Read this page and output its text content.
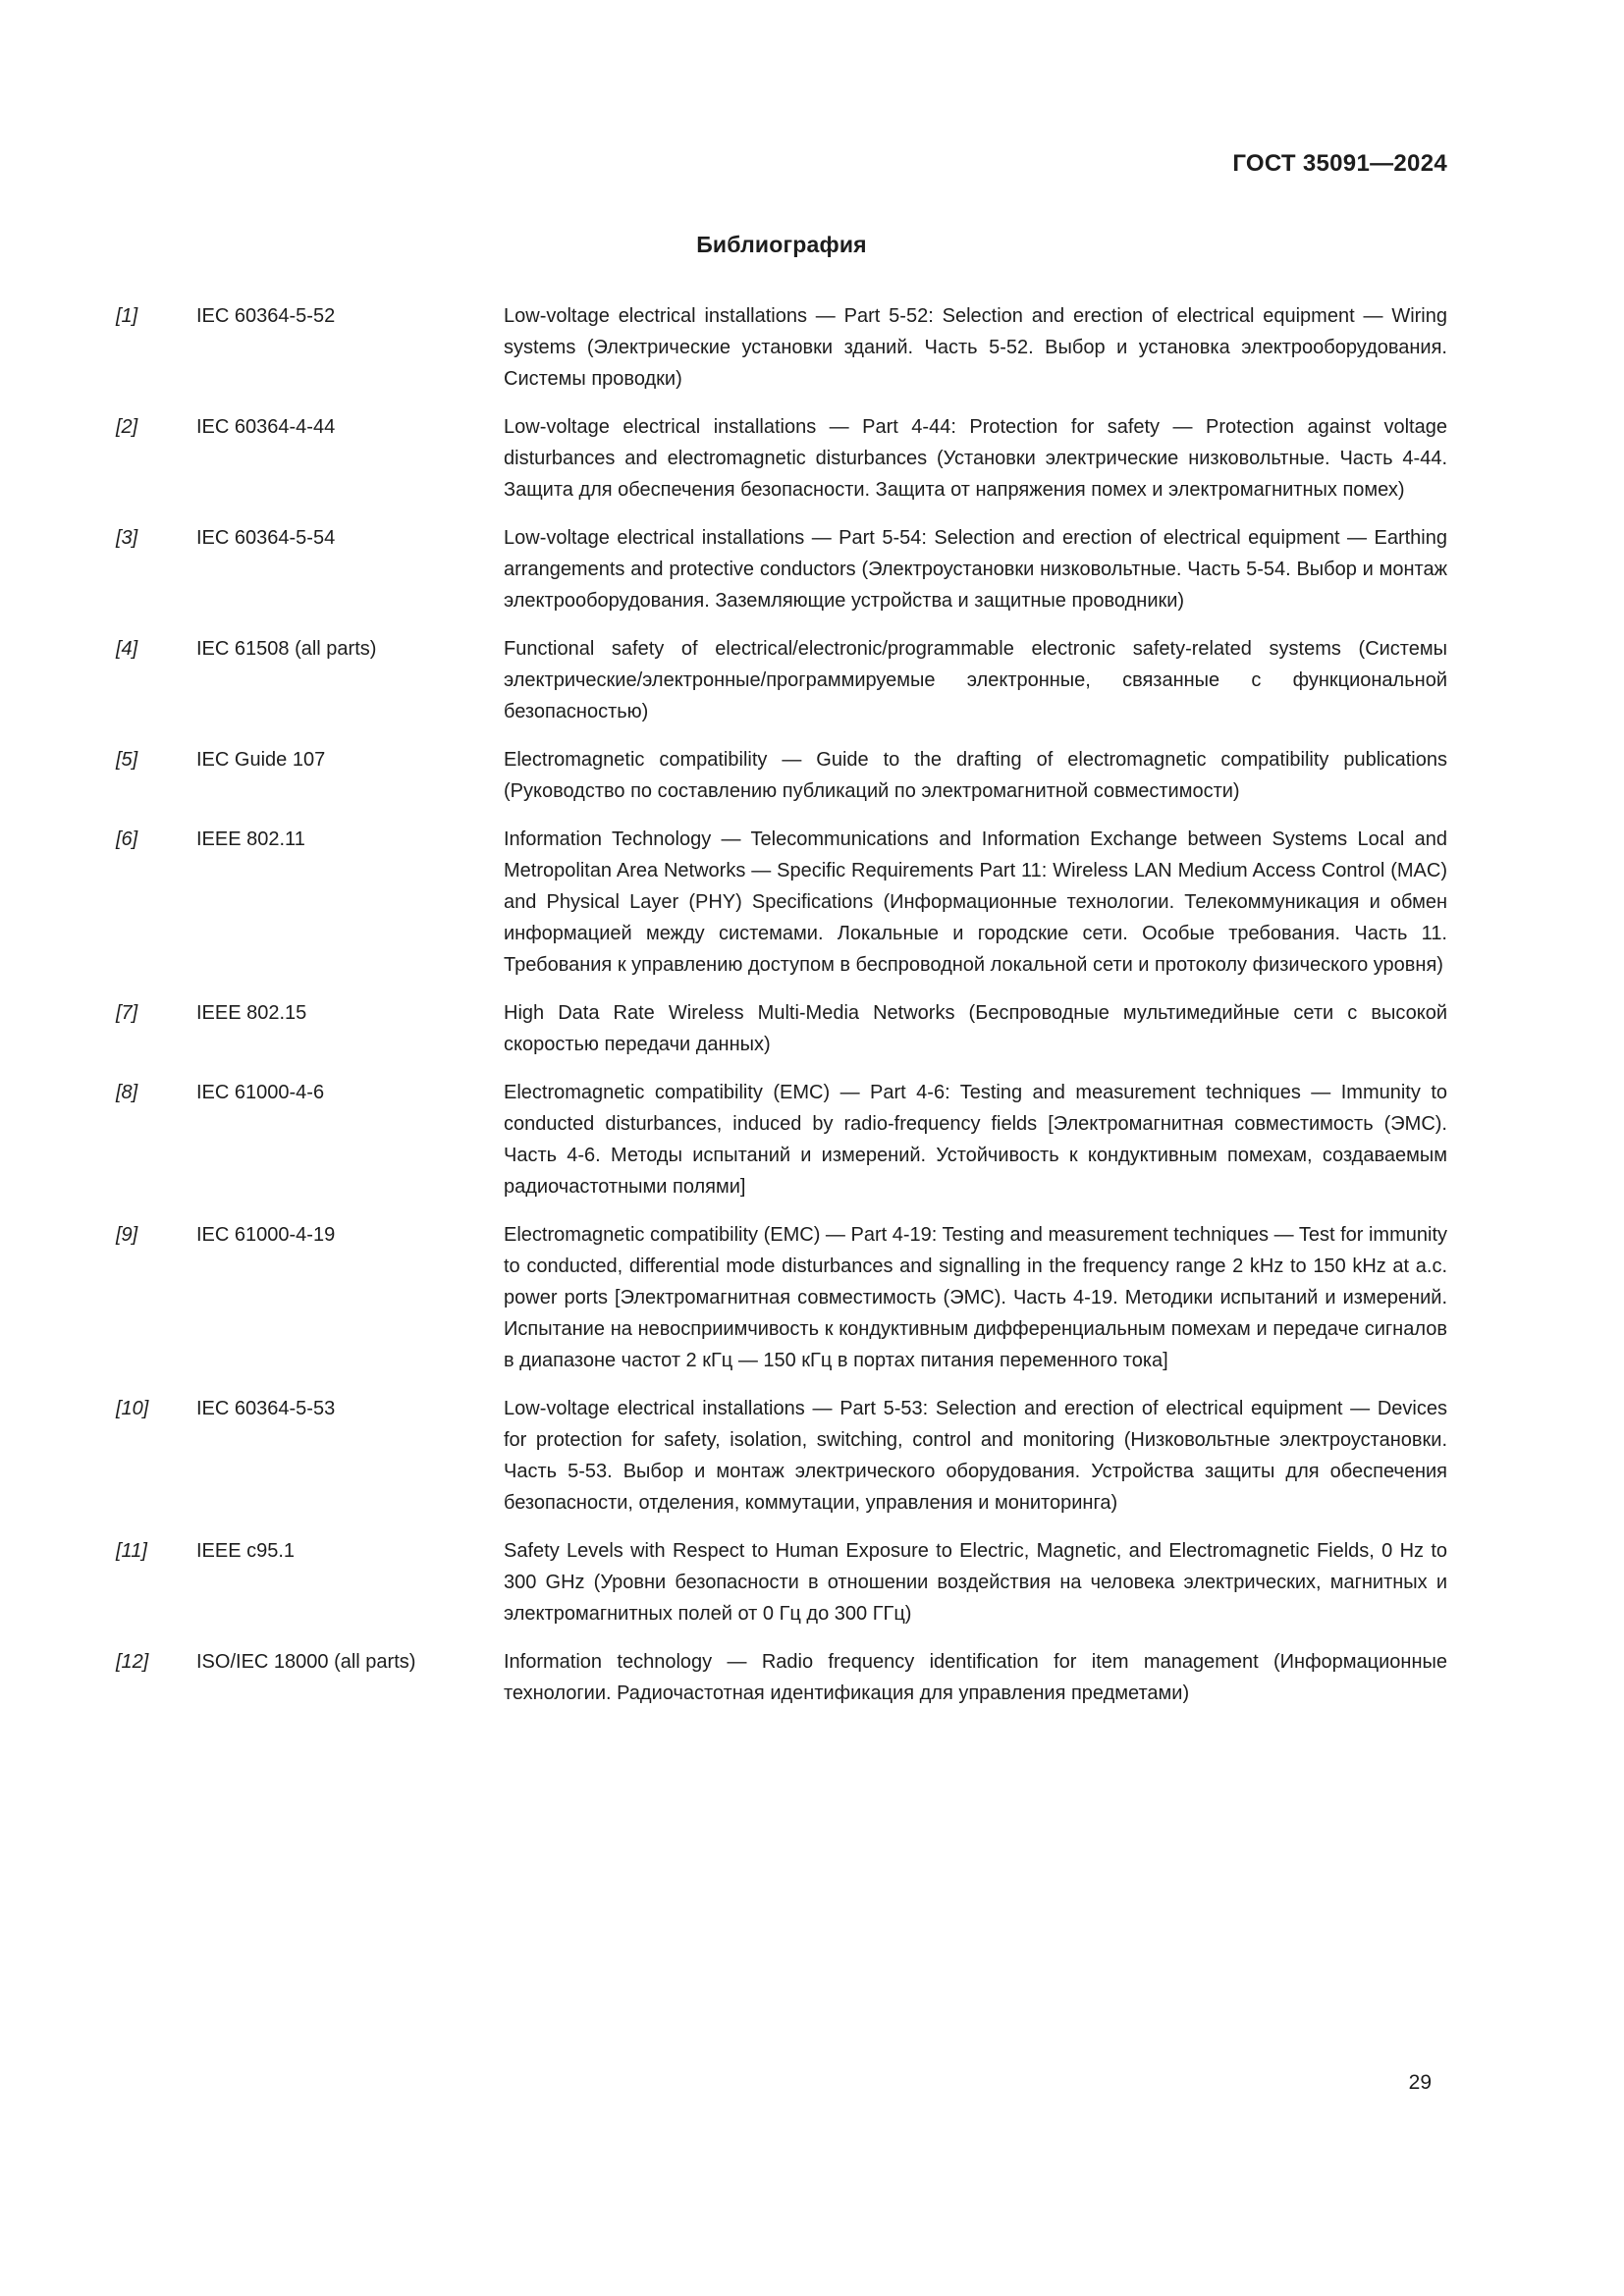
ГОСТ 35091—2024
Библиография
[1]	IEC 60364-5-52	Low-voltage electrical installations — Part 5-52: Selection and erection of electrical equipment — Wiring systems (Электрические установки зданий. Часть 5-52. Выбор и установка электрооборудования. Системы проводки)
[2]	IEC 60364-4-44	Low-voltage electrical installations — Part 4-44: Protection for safety — Protection against voltage disturbances and electromagnetic disturbances (Установки электрические низковольтные. Часть 4-44. Защита для обеспечения безопасности. Защита от напряжения помех и электромагнитных помех)
[3]	IEC 60364-5-54	Low-voltage electrical installations — Part 5-54: Selection and erection of electrical equipment — Earthing arrangements and protective conductors (Электроустановки низковольтные. Часть 5-54. Выбор и монтаж электрооборудования. Заземляющие устройства и защитные проводники)
[4]	IEC 61508 (all parts)	Functional safety of electrical/electronic/programmable electronic safety-related systems (Системы электрические/электронные/программируемые электронные, связанные с функциональной безопасностью)
[5]	IEC Guide 107	Electromagnetic compatibility — Guide to the drafting of electromagnetic compatibility publications (Руководство по составлению публикаций по электромагнитной совместимости)
[6]	IEEE 802.11	Information Technology — Telecommunications and Information Exchange between Systems Local and Metropolitan Area Networks — Specific Requirements Part 11: Wireless LAN Medium Access Control (MAC) and Physical Layer (PHY) Specifications (Информационные технологии. Телекоммуникация и обмен информацией между системами. Локальные и городские сети. Особые требования. Часть 11. Требования к управлению доступом в беспроводной локальной сети и протоколу физического уровня)
[7]	IEEE 802.15	High Data Rate Wireless Multi-Media Networks (Беспроводные мультимедийные сети с высокой скоростью передачи данных)
[8]	IEC 61000-4-6	Electromagnetic compatibility (EMC) — Part 4-6: Testing and measurement techniques — Immunity to conducted disturbances, induced by radio-frequency fields [Электромагнитная совместимость (ЭМС). Часть 4-6. Методы испытаний и измерений. Устойчивость к кондуктивным помехам, создаваемым радиочастотными полями]
[9]	IEC 61000-4-19	Electromagnetic compatibility (EMC) — Part 4-19: Testing and measurement techniques — Test for immunity to conducted, differential mode disturbances and signalling in the frequency range 2 kHz to 150 kHz at a.c. power ports [Электромагнитная совместимость (ЭМС). Часть 4-19. Методики испытаний и измерений. Испытание на невосприимчивость к кондуктивным дифференциальным помехам и передаче сигналов в диапазоне частот 2 кГц — 150 кГц в портах питания переменного тока]
[10]	IEC 60364-5-53	Low-voltage electrical installations — Part 5-53: Selection and erection of electrical equipment — Devices for protection for safety, isolation, switching, control and monitoring (Низковольтные электроустановки. Часть 5-53. Выбор и монтаж электрического оборудования. Устройства защиты для обеспечения безопасности, отделения, коммутации, управления и мониторинга)
[11]	IEEE c95.1	Safety Levels with Respect to Human Exposure to Electric, Magnetic, and Electromagnetic Fields, 0 Hz to 300 GHz (Уровни безопасности в отношении воздействия на человека электрических, магнитных и электромагнитных полей от 0 Гц до 300 ГГц)
[12]	ISO/IEC 18000 (all parts)	Information technology — Radio frequency identification for item management (Информационные технологии. Радиочастотная идентификация для управления предметами)
29
